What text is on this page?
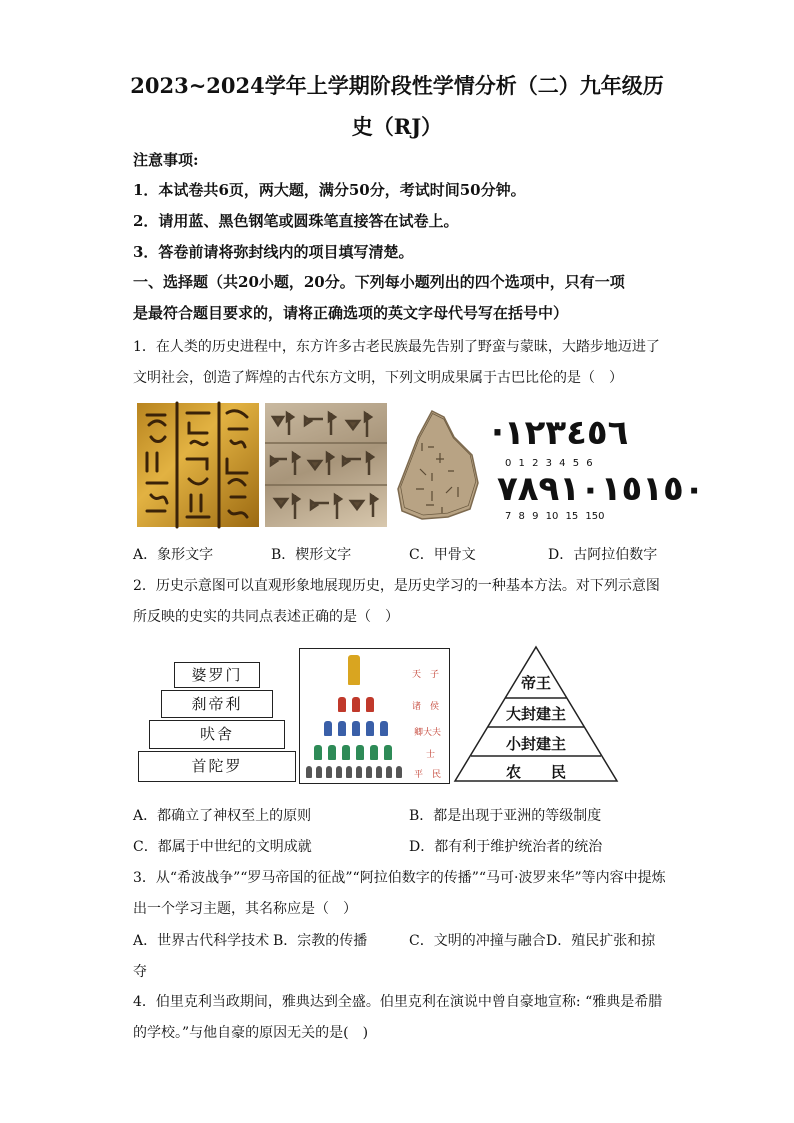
2023~2024学年上学期阶段性学情分析（二）九年级历
史（RJ）
注意事项:
1．本试卷共6页，两大题，满分50分，考试时间50分钟。
2．请用蓝、黑色钢笔或圆珠笔直接答在试卷上。
3．答卷前请将弥封线内的项目填写清楚。
一、选择题（共20小题，20分。下列每小题列出的四个选项中，只有一项
是最符合题目要求的，请将正确选项的英文字母代号写在括号中）
1．在人类的历史进程中，东方许多古老民族最先告别了野蛮与蒙昧，大踏步地迈进了
文明社会，创造了辉煌的古代东方文明，下列文明成果属于古巴比伦的是（　）
·١٢٣٤٥٦
0 1 2 3 4 5 6
٧٨٩١٠١٥١٥٠
7 8 9 10 15 150
A．象形文字	B．楔形文字	C．甲骨文	D．古阿拉伯数字
2．历史示意图可以直观形象地展现历史，是历史学习的一种基本方法。对下列示意图
所反映的史实的共同点表述正确的是（　）
婆罗门
刹帝利
吠舍
首陀罗
天　子
诸　侯
卿大夫
士
平　民
帝王
大封建主
小封建主
农　　民
A．都确立了神权至上的原则	B．都是出现于亚洲的等级制度
C．都属于中世纪的文明成就	D．都有利于维护统治者的统治
3．从“希波战争”“罗马帝国的征战”“阿拉伯数字的传播”“马可·波罗来华”等内容中提炼
出一个学习主题，其名称应是（　）
A．世界古代科学技术 B．宗教的传播	C．文明的冲撞与融合 D．殖民扩张和掠
夺
4．伯里克利当政期间，雅典达到全盛。伯里克利在演说中曾自豪地宣称: “雅典是希腊
的学校。”与他自豪的原因无关的是(　)
